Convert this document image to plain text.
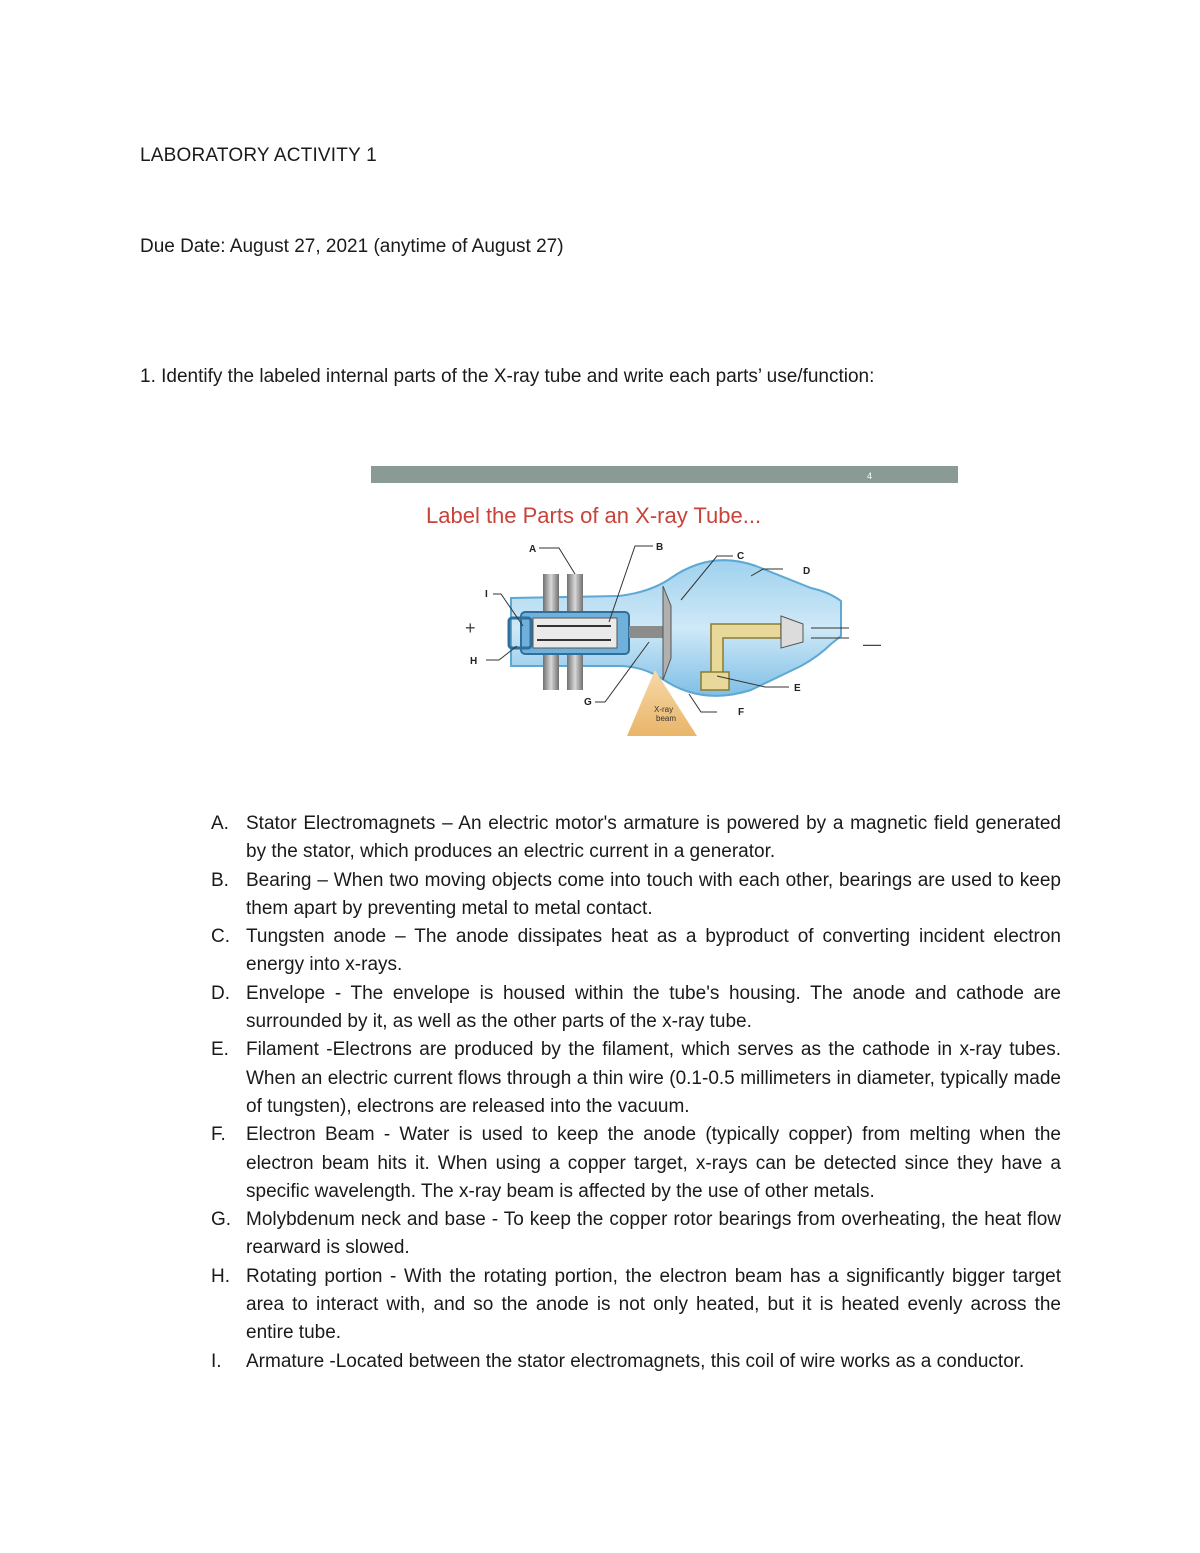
LABORATORY ACTIVITY 1
Due Date: August 27, 2021 (anytime of August 27)
1. Identify the labeled internal parts of the X-ray tube and write each parts’ use/function:
4
Label the Parts of an X-ray Tube...
X-ray
beam
+
—
A	B
C
D
I
H
G
F
E
A. Stator Electromagnets – An electric motor's armature is powered by a magnetic field generated by the stator, which produces an electric current in a generator.
B. Bearing – When two moving objects come into touch with each other, bearings are used to keep them apart by preventing metal to metal contact.
C. Tungsten anode – The anode dissipates heat as a byproduct of converting incident electron energy into x-rays.
D. Envelope - The envelope is housed within the tube's housing. The anode and cathode are surrounded by it, as well as the other parts of the x-ray tube.
E. Filament -Electrons are produced by the filament, which serves as the cathode in x-ray tubes. When an electric current flows through a thin wire (0.1-0.5 millimeters in diameter, typically made of tungsten), electrons are released into the vacuum.
F. Electron Beam - Water is used to keep the anode (typically copper) from melting when the electron beam hits it. When using a copper target, x-rays can be detected since they have a specific wavelength. The x-ray beam is affected by the use of other metals.
G. Molybdenum neck and base - To keep the copper rotor bearings from overheating, the heat flow rearward is slowed.
H. Rotating portion - With the rotating portion, the electron beam has a significantly bigger target area to interact with, and so the anode is not only heated, but it is heated evenly across the entire tube.
I. Armature -Located between the stator electromagnets, this coil of wire works as a conductor.
